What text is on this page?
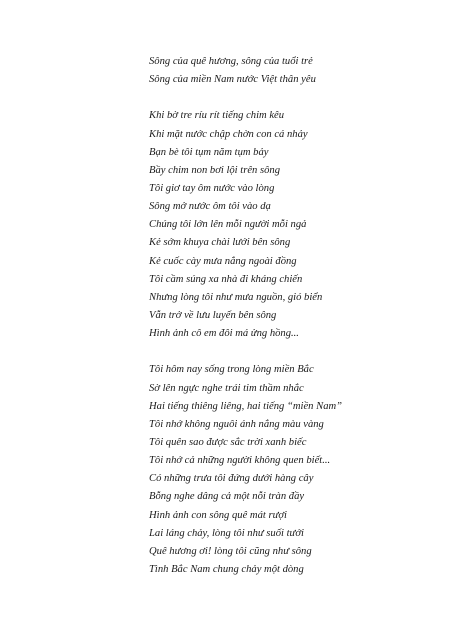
Sông của quê hương, sông của tuổi trẻ
Sông của miền Nam nước Việt thân yêu
Khi bờ tre ríu rít tiếng chim kêu
Khi mặt nước chập chờn con cá nhảy
Bạn bè tôi tụm năm tụm bảy
Bầy chim non bơi lội trên sông
Tôi giơ tay ôm nước vào lòng
Sông mở nước ôm tôi vào dạ
Chúng tôi lớn lên mỗi người mỗi ngả
Kẻ sớm khuya chài lưới bên sông
Kẻ cuốc cày mưa nắng ngoài đồng
Tôi cầm súng xa nhà đi kháng chiến
Nhưng lòng tôi như mưa nguồn, gió biển
Vẫn trở về lưu luyến bên sông
Hình ảnh cô em đôi má ửng hồng...
Tôi hôm nay sống trong lòng miền Bắc
Sờ lên ngực nghe trái tim thầm nhắc
Hai tiếng thiêng liêng, hai tiếng “miền Nam”
Tôi nhớ không nguôi ánh nắng màu vàng
Tôi quên sao được sắc trời xanh biếc
Tôi nhớ cả những người không quen biết...
Có những trưa tôi đứng dưới hàng cây
Bỗng nghe dâng cả một nỗi tràn đầy
Hình ảnh con sông quê mát rượi
Lai láng chảy, lòng tôi như suối tưới
Quê hương ơi! lòng tôi cũng như sông
Tình Bắc Nam chung chảy một dòng
